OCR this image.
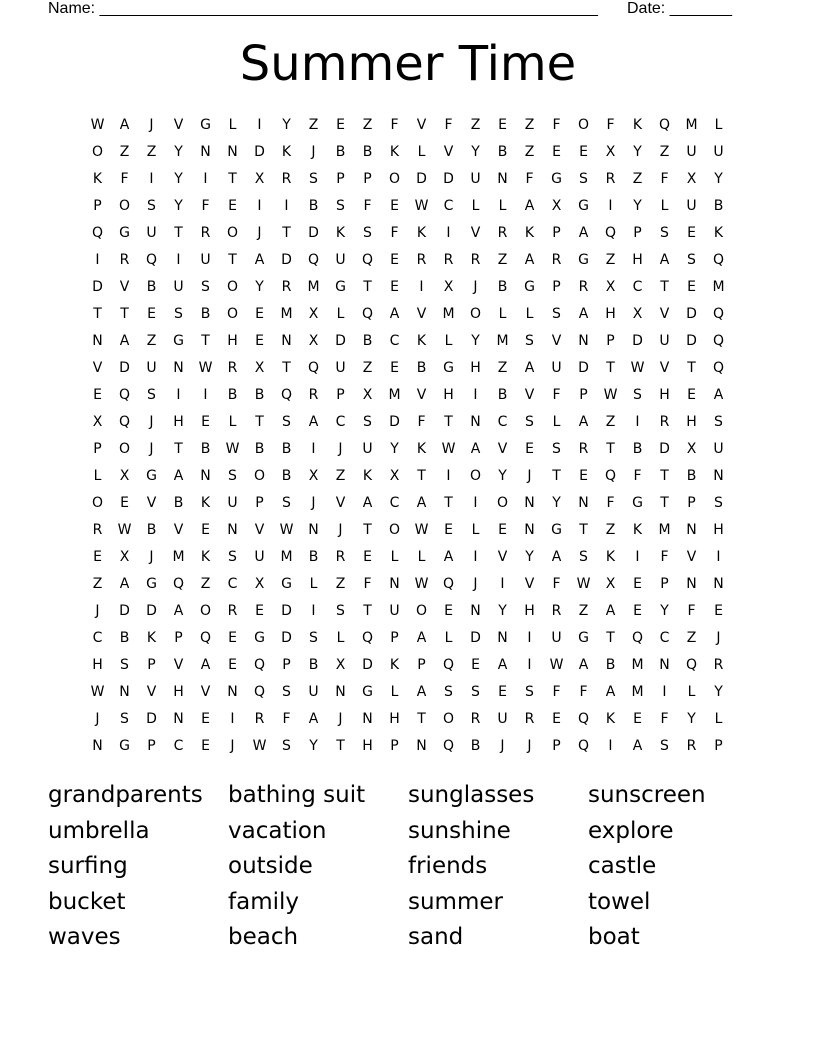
Name: ________________________________________________________ Date: _______
Summer Time
W	A	J	V	G	L	I	Y	Z	E	Z	F	V	F	Z	E	Z	F	O	F	K	Q	M	L
O	Z	Z	Y	N	N	D	K	J	B	B	K	L	V	Y	B	Z	E	E	X	Y	Z	U	U
K	F	I	Y	I	T	X	R	S	P	P	O	D	D	U	N	F	G	S	R	Z	F	X	Y
P	O	S	Y	F	E	I	I	B	S	F	E	W	C	L	L	A	X	G	I	Y	L	U	B
Q	G	U	T	R	O	J	T	D	K	S	F	K	I	V	R	K	P	A	Q	P	S	E	K
I	R	Q	I	U	T	A	D	Q	U	Q	E	R	R	R	Z	A	R	G	Z	H	A	S	Q
D	V	B	U	S	O	Y	R	M	G	T	E	I	X	J	B	G	P	R	X	C	T	E	M
T	T	E	S	B	O	E	M	X	L	Q	A	V	M	O	L	L	S	A	H	X	V	D	Q
N	A	Z	G	T	H	E	N	X	D	B	C	K	L	Y	M	S	V	N	P	D	U	D	Q
V	D	U	N	W	R	X	T	Q	U	Z	E	B	G	H	Z	A	U	D	T	W	V	T	Q
E	Q	S	I	I	B	B	Q	R	P	X	M	V	H	I	B	V	F	P	W	S	H	E	A
X	Q	J	H	E	L	T	S	A	C	S	D	F	T	N	C	S	L	A	Z	I	R	H	S
P	O	J	T	B	W	B	B	I	J	U	Y	K	W	A	V	E	S	R	T	B	D	X	U
L	X	G	A	N	S	O	B	X	Z	K	X	T	I	O	Y	J	T	E	Q	F	T	B	N
O	E	V	B	K	U	P	S	J	V	A	C	A	T	I	O	N	Y	N	F	G	T	P	S
R	W	B	V	E	N	V	W	N	J	T	O	W	E	L	E	N	G	T	Z	K	M	N	H
E	X	J	M	K	S	U	M	B	R	E	L	L	A	I	V	Y	A	S	K	I	F	V	I
Z	A	G	Q	Z	C	X	G	L	Z	F	N	W	Q	J	I	V	F	W	X	E	P	N	N
J	D	D	A	O	R	E	D	I	S	T	U	O	E	N	Y	H	R	Z	A	E	Y	F	E
C	B	K	P	Q	E	G	D	S	L	Q	P	A	L	D	N	I	U	G	T	Q	C	Z	J
H	S	P	V	A	E	Q	P	B	X	D	K	P	Q	E	A	I	W	A	B	M	N	Q	R
W	N	V	H	V	N	Q	S	U	N	G	L	A	S	S	E	S	F	F	A	M	I	L	Y
J	S	D	N	E	I	R	F	A	J	N	H	T	O	R	U	R	E	Q	K	E	F	Y	L
N	G	P	C	E	J	W	S	Y	T	H	P	N	Q	B	J	J	P	Q	I	A	S	R	P
grandparents	bathing suit	sunglasses	sunscreen
umbrella	vacation	sunshine	explore
surfing	outside	friends	castle
bucket	family	summer	towel
waves	beach	sand	boat
